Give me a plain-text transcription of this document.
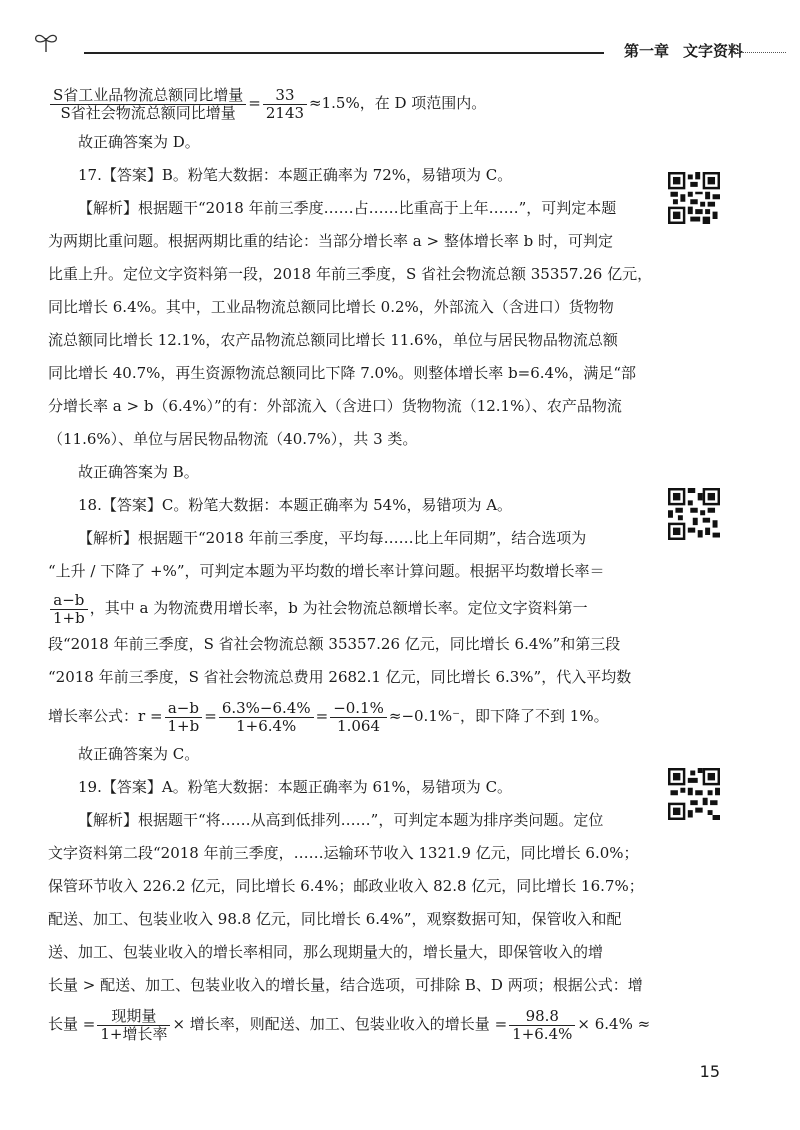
第一章 文字资料
$\frac{\text{S省工业品物流总额同比增量}}{\text{S省社会物流总额同比增量}} = \frac{33}{2143} \approx 1.5\%$，在 D 项范围内。
故正确答案为 D。
17.【答案】B。粉笔大数据：本题正确率为 72%，易错项为 C。
【解析】根据题干“2018 年前三季度……占……比重高于上年……”，可判定本题
为两期比重问题。根据两期比重的结论：当部分增长率 a > 整体增长率 b 时，可判定
比重上升。定位文字资料第一段，2018 年前三季度，S 省社会物流总额 35357.26 亿元，
同比增长 6.4%。其中，工业品物流总额同比增长 0.2%，外部流入（含进口）货物物
流总额同比增长 12.1%，农产品物流总额同比增长 11.6%，单位与居民物品物流总额
同比增长 40.7%，再生资源物流总额同比下降 7.0%。则整体增长率 b=6.4%，满足“部
分增长率 a > b（6.4%）”的有：外部流入（含进口）货物物流（12.1%）、农产品物流
（11.6%）、单位与居民物品物流（40.7%），共 3 类。
故正确答案为 B。
18.【答案】C。粉笔大数据：本题正确率为 54%，易错项为 A。
【解析】根据题干“2018 年前三季度，平均每……比上年同期”，结合选项为
“上升 / 下降了 +%”，可判定本题为平均数的增长率计算问题。根据平均数增长率＝
$\frac{a-b}{1+b}$ ，其中 a 为物流费用增长率，b 为社会物流总额增长率。定位文字资料第一
段“2018 年前三季度，S 省社会物流总额 35357.26 亿元，同比增长 6.4%”和第三段
“2018 年前三季度，S 省社会物流总费用 2682.1 亿元，同比增长 6.3%”，代入平均数
增长率公式：$r = \frac{a-b}{1+b} = \frac{6.3\%-6.4\%}{1+6.4\%} = \frac{-0.1\%}{1.064} \approx-0.1\%^-$，即下降了不到 1%。
故正确答案为 C。
19.【答案】A。粉笔大数据：本题正确率为 61%，易错项为 C。
【解析】根据题干“将……从高到低排列……”，可判定本题为排序类问题。定位
文字资料第二段“2018 年前三季度，……运输环节收入 1321.9 亿元，同比增长 6.0%；
保管环节收入 226.2 亿元，同比增长 6.4%；邮政业收入 82.8 亿元，同比增长 16.7%；
配送、加工、包装业收入 98.8 亿元，同比增长 6.4%”，观察数据可知，保管收入和配
送、加工、包装业收入的增长率相同，那么现期量大的，增长量大，即保管收入的增
长量 > 配送、加工、包装业收入的增长量，结合选项，可排除 B、D 两项；根据公式：增
长量 = $\frac{\text{现期量}}{\text{1+增长率}}$ × 增长率，则配送、加工、包装业收入的增长量 = $\frac{98.8}{1+6.4\%} \times 6.4\%$ ≈
15
